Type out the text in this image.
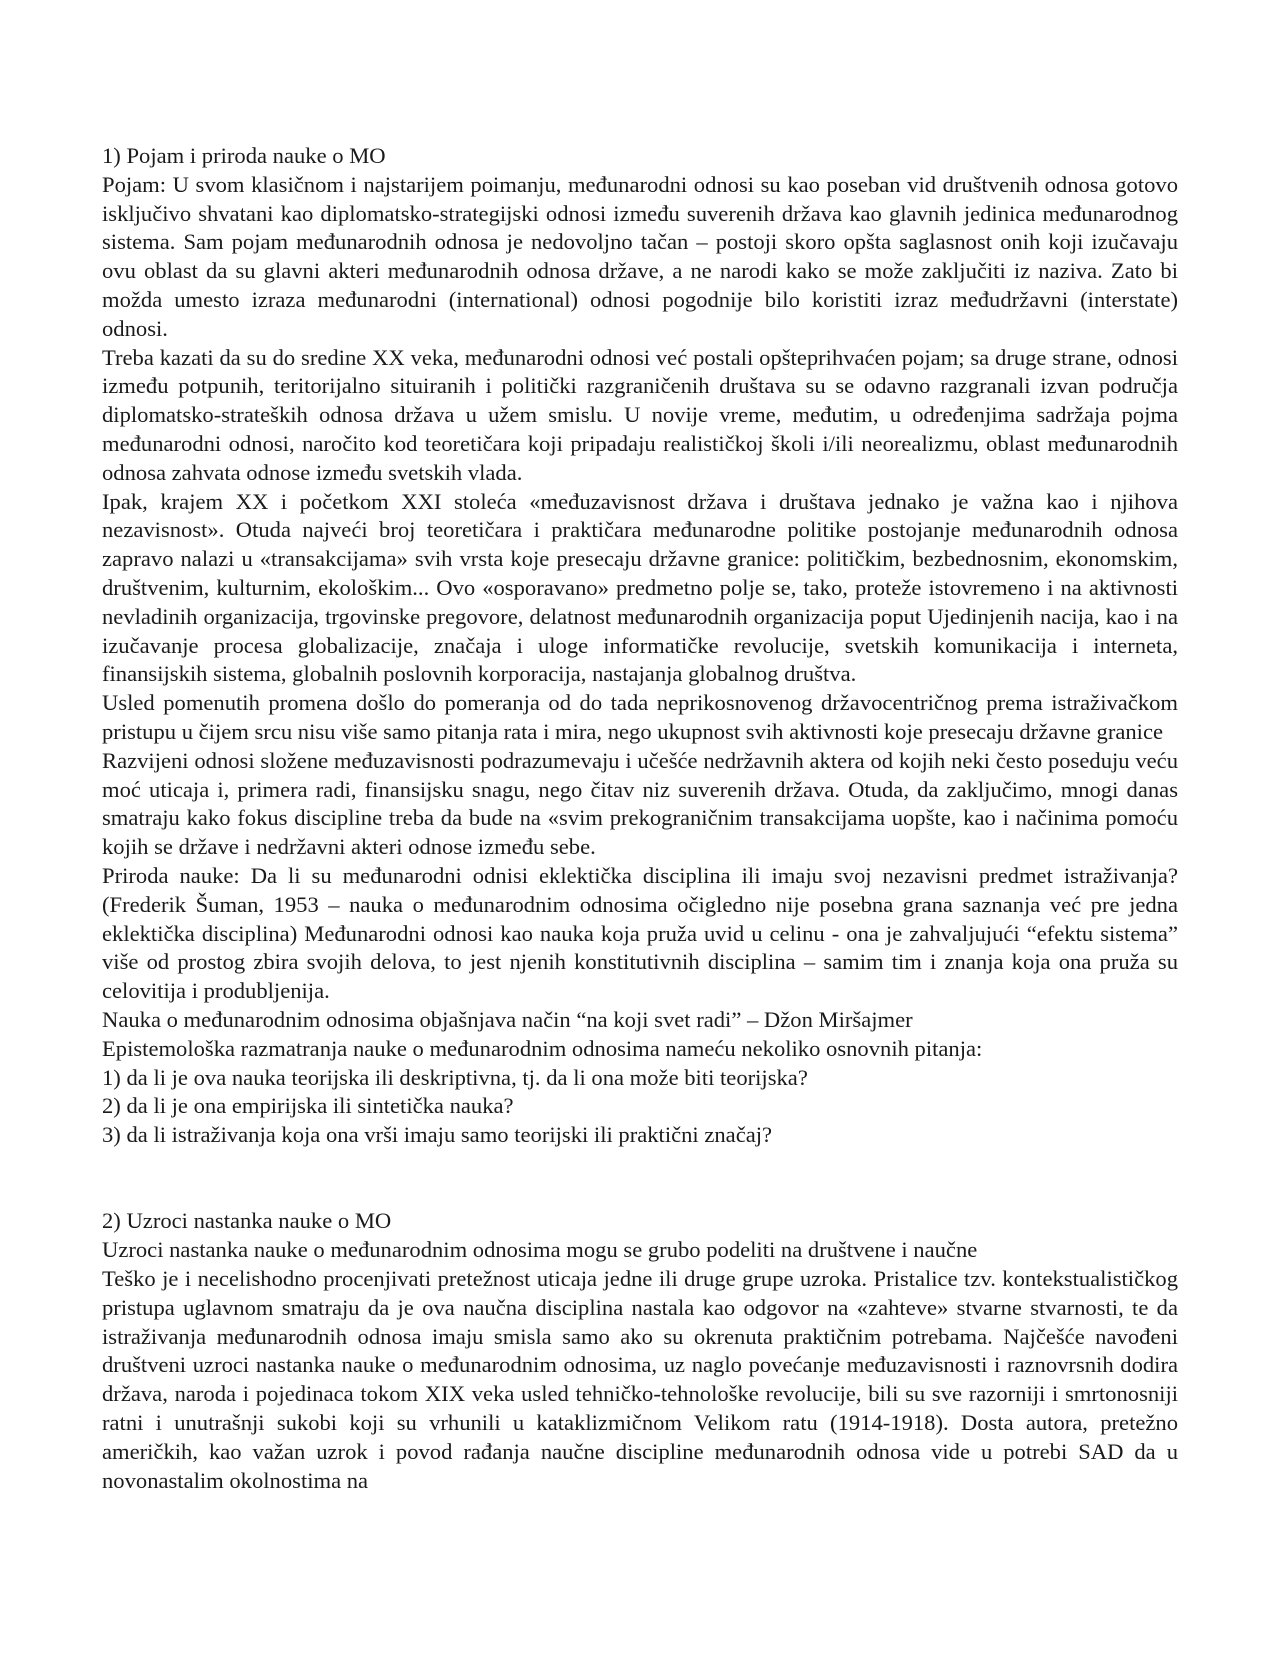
1) Pojam i priroda nauke o MO

Pojam: U svom klasičnom i najstarijem poimanju, međunarodni odnosi su kao poseban vid društvenih odnosa gotovo isključivo shvatani kao diplomatsko-strategijski odnosi između suverenih država kao glavnih jedinica međunarodnog sistema. Sam pojam međunarodnih odnosa je nedovoljno tačan – postoji skoro opšta saglasnost onih koji izučavaju ovu oblast da su glavni akteri međunarodnih odnosa države, a ne narodi kako se može zaključiti iz naziva. Zato bi možda umesto izraza međunarodni (international) odnosi pogodnije bilo koristiti izraz međudržavni (interstate) odnosi.

Treba kazati da su do sredine XX veka, međunarodni odnosi već postali opšteprihvaćen pojam; sa druge strane, odnosi između potpunih, teritorijalno situiranih i politički razgraničenih društava su se odavno razgranali izvan područja diplomatsko-strateških odnosa država u užem smislu. U novije vreme, međutim, u određenjima sadržaja pojma međunarodni odnosi, naročito kod teoretičara koji pripadaju realističkoj školi i/ili neorealizmu, oblast međunarodnih odnosa zahvata odnose između svetskih vlada.

Ipak, krajem XX i početkom XXI stoleća «međuzavisnost država i društava jednako je važna kao i njihova nezavisnost». Otuda najveći broj teoretičara i praktičara međunarodne politike postojanje međunarodnih odnosa zapravo nalazi u «transakcijama» svih vrsta koje presecaju državne granice: političkim, bezbednosnim, ekonomskim, društvenim, kulturnim, ekološkim... Ovo «osporavano» predmetno polje se, tako, proteže istovremeno i na aktivnosti nevladinih organizacija, trgovinske pregovore, delatnost međunarodnih organizacija poput Ujedinjenih nacija, kao i na izučavanje procesa globalizacije, značaja i uloge informatičke revolucije, svetskih komunikacija i interneta, finansijskih sistema, globalnih poslovnih korporacija, nastajanja globalnog društva.

Usled pomenutih promena došlo do pomeranja od do tada neprikosnovenog državocentričnog prema istraživačkom pristupu u čijem srcu nisu više samo pitanja rata i mira, nego ukupnost svih aktivnosti koje presecaju državne granice

Razvijeni odnosi složene međuzavisnosti podrazumevaju i učešće nedržavnih aktera od kojih neki često poseduju veću moć uticaja i, primera radi, finansijsku snagu, nego čitav niz suverenih država. Otuda, da zaključimo, mnogi danas smatraju kako fokus discipline treba da bude na «svim prekograničnim transakcijama uopšte, kao i načinima pomoću kojih se države i nedržavni akteri odnose između sebe.

Priroda nauke: Da li su međunarodni odnisi eklektička disciplina ili imaju svoj nezavisni predmet istraživanja? (Frederik Šuman, 1953 – nauka o međunarodnim odnosima očigledno nije posebna grana saznanja već pre jedna eklektička disciplina) Međunarodni odnosi kao nauka koja pruža uvid u celinu - ona je zahvaljujući “efektu sistema” više od prostog zbira svojih delova, to jest njenih konstitutivnih disciplina – samim tim i znanja koja ona pruža su celovitija i produbljenija.

Nauka o međunarodnim odnosima objašnjava način “na koji svet radi” – Džon Miršajmer

Epistemološka razmatranja nauke o međunarodnim odnosima nameću nekoliko osnovnih pitanja:

1) da li je ova nauka teorijska ili deskriptivna, tj. da li ona može biti teorijska?

2) da li je ona empirijska ili sintetička nauka?

3) da li istraživanja koja ona vrši imaju samo teorijski ili praktični značaj?

2) Uzroci nastanka nauke o MO

Uzroci nastanka nauke o međunarodnim odnosima mogu se grubo podeliti na društvene i naučne

Teško je i necelishodno procenjivati pretežnost uticaja jedne ili druge grupe uzroka. Pristalice tzv. kontekstualističkog pristupa uglavnom smatraju da je ova naučna disciplina nastala kao odgovor na «zahteve» stvarne stvarnosti, te da istraživanja međunarodnih odnosa imaju smisla samo ako su okrenuta praktičnim potrebama. Najčešće navođeni društveni uzroci nastanka nauke o međunarodnim odnosima, uz naglo povećanje međuzavisnosti i raznovrsnih dodira država, naroda i pojedinaca tokom XIX veka usled tehničko-tehnološke revolucije, bili su sve razorniji i smrtonosniji ratni i unutrašnji sukobi koji su vrhunili u kataklizmičnom Velikom ratu (1914-1918). Dosta autora, pretežno američkih, kao važan uzrok i povod rađanja naučne discipline međunarodnih odnosa vide u potrebi SAD da u novonastalim okolnostima na
